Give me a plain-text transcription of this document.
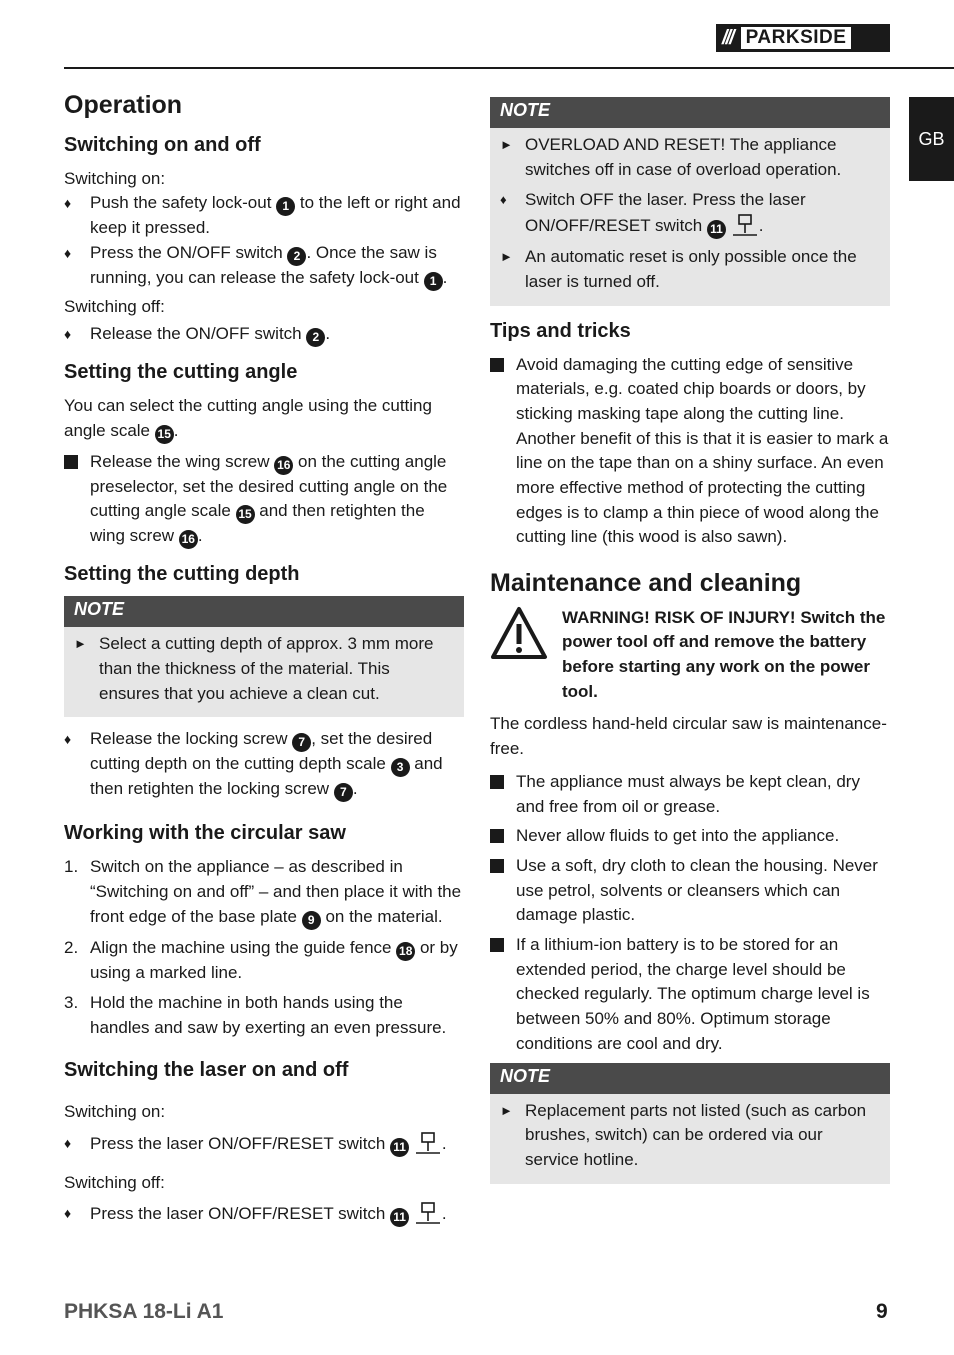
/// PARKSIDE
GB
Operation
Switching on and off
Switching on:
♦	Push the safety lock-out 1 to the left or right and keep it pressed.
♦	Press the ON/OFF switch 2 . Once the saw is running, you can release the safety lock-out 1 .
Switching off:
♦	Release the ON/OFF switch 2 .
Setting the cutting angle

You can select the cutting angle using the cutting angle scale 15 .

Release the wing screw 16 on the cutting angle preselector, set the desired cutting angle on the cutting angle scale 15 and then retighten the wing screw 16 .
Setting the cutting depth
NOTE
► Select a cutting depth of approx. 3 mm more than the thickness of the material. This ensures that you achieve a clean cut.
♦	Release the locking screw 7 , set the desired cutting depth on the cutting depth scale 3 and then retighten the locking screw 7 .
Working with the circular saw
1. Switch on the appliance – as described in “Switching on and off” – and then place it with the front edge of the base plate 9 on the material.
2. Align the machine using the guide fence 18 or by using a marked line.
3. Hold the machine in both hands using the handles and saw by exerting an even pressure.
Switching the laser on and off
Switching on:
♦	Press the laser ON/OFF/RESET switch 11 .
Switching off:
♦	Press the laser ON/OFF/RESET switch 11 .
NOTE
► OVERLOAD AND RESET! The appliance switches off in case of overload operation.
♦ Switch OFF the laser. Press the laser ON/OFF/RESET switch 11 .
► An automatic reset is only possible once the laser is turned off.
Tips and tricks
Avoid damaging the cutting edge of sensitive materials, e.g. coated chip boards or doors, by sticking masking tape along the cutting line. Another benefit of this is that it is easier to mark a line on the tape than on a shiny surface. An even more effective method of protecting the cutting edges is to clamp a thin piece of wood along the cutting line (this wood is also sawn).
Maintenance and cleaning
WARNING! RISK OF INJURY! Switch the power tool off and remove the battery before starting any work on the power tool.

The cordless hand-held circular saw is maintenance-free.

The appliance must always be kept clean, dry and free from oil or grease.
Never allow fluids to get into the appliance.
Use a soft, dry cloth to clean the housing. Never use petrol, solvents or cleansers which can damage plastic.
If a lithium-ion battery is to be stored for an extended period, the charge level should be checked regularly. The optimum charge level is between 50% and 80%. Optimum storage conditions are cool and dry.
NOTE
► Replacement parts not listed (such as carbon brushes, switch) can be ordered via our service hotline.
PHKSA 18-Li A1	9
